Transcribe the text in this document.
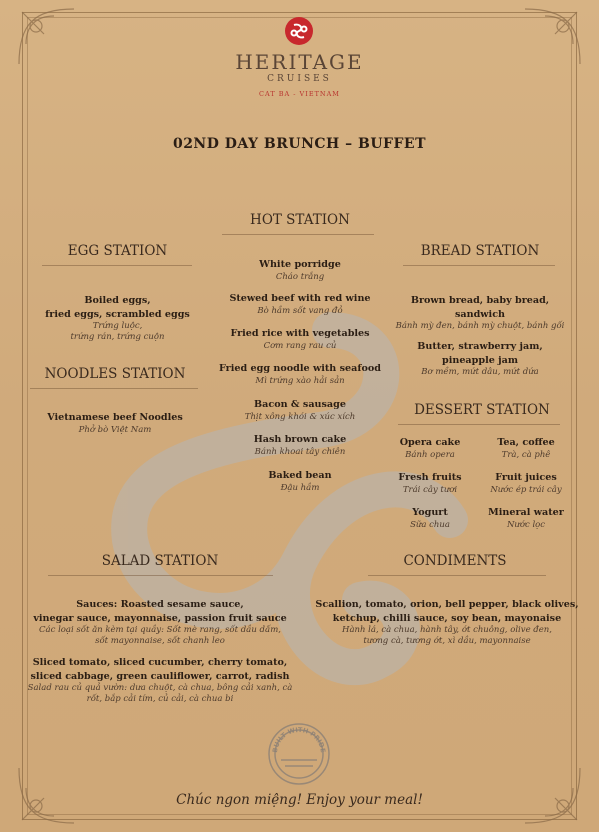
HERITAGE
CRUISES
CAT BA - VIETNAM
02ND DAY BRUNCH – BUFFET
HOT STATION
White porridge
Cháo trắng
Stewed beef with red wine
Bò hầm sốt vang đỏ
Fried rice with vegetables
Cơm rang rau củ
Fried egg noodle with seafood
Mì trứng xào hải sản
Bacon & sausage
Thịt xông khói & xúc xích
Hash brown cake
Bánh khoai tây chiên
Baked bean
Đậu hầm
EGG STATION
Boiled eggs,
fried eggs, scrambled eggs
Trứng luộc,
trứng rán, trứng cuộn
NOODLES STATION
Vietnamese beef Noodles
Phở bò Việt Nam
BREAD STATION
Brown bread, baby bread,
sandwich
Bánh mỳ đen, bánh mỳ chuột, bánh gối
Butter, strawberry jam,
pineapple jam
Bơ mềm, mứt dâu, mứt dứa
DESSERT STATION
Opera cake
Bánh opera
Tea, coffee
Trà, cà phê
Fresh fruits
Trái cây tươi
Fruit juices
Nước ép trái cây
Yogurt
Sữa chua
Mineral water
Nước lọc
SALAD STATION
Sauces: Roasted sesame sauce,
vinegar sauce, mayonnaise, passion fruit sauce
Các loại sốt ăn kèm tại quầy: Sốt mè rang, sốt dầu dấm,
sốt mayonnaise, sốt chanh leo
Sliced tomato, sliced cucumber, cherry tomato,
sliced cabbage, green cauliflower, carrot, radish
Salad rau củ quả vườn: dưa chuột, cà chua, bông cải xanh, cà
rốt, bắp cải tím, củ cải, cà chua bi
CONDIMENTS
Scallion, tomato, orion, bell pepper, black olives,
ketchup, chilli sauce, soy bean, mayonaise
Hành lá, cà chua, hành tây, ớt chuông, olive đen,
tương cà, tương ớt, xì dầu, mayonnaise
BUILT WITH PRIDE
Chúc ngon miệng! Enjoy your meal!
